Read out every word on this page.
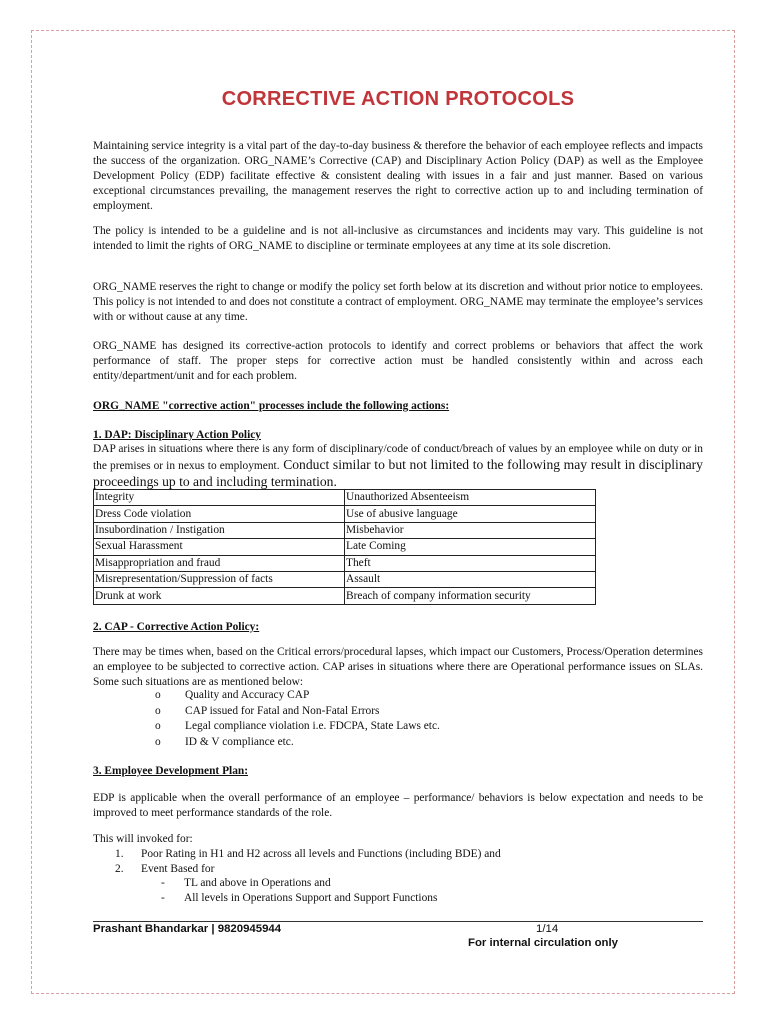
CORRECTIVE ACTION PROTOCOLS

Maintaining service integrity is a vital part of the day-to-day business & therefore the behavior of each employee reflects and impacts the success of the organization. ORG_NAME’s Corrective (CAP) and Disciplinary Action Policy (DAP) as well as the Employee Development Policy (EDP) facilitate effective & consistent dealing with issues in a fair and just manner. Based on various exceptional circumstances prevailing, the management reserves the right to corrective action up to and including termination of employment.

The policy is intended to be a guideline and is not all-inclusive as circumstances and incidents may vary. This guideline is not intended to limit the rights of ORG_NAME to discipline or terminate employees at any time at its sole discretion.

ORG_NAME reserves the right to change or modify the policy set forth below at its discretion and without prior notice to employees. This policy is not intended to and does not constitute a contract of employment. ORG_NAME may terminate the employee’s services with or without cause at any time.

ORG_NAME has designed its corrective-action protocols to identify and correct problems or behaviors that affect the work performance of staff. The proper steps for corrective action must be handled consistently within and across each entity/department/unit and for each problem.

ORG_NAME "corrective action" processes include the following actions:

1. DAP: Disciplinary Action Policy

DAP arises in situations where there is any form of disciplinary/code of conduct/breach of values by an employee while on duty or in the premises or in nexus to employment. Conduct similar to but not limited to the following may result in disciplinary proceedings up to and including termination.

Integrity	Unauthorized Absenteeism
Dress Code violation	Use of abusive language
Insubordination / Instigation	Misbehavior
Sexual Harassment	Late Coming
Misappropriation and fraud	Theft
Misrepresentation/Suppression of facts	Assault
Drunk at work	Breach of company information security

2. CAP - Corrective Action Policy:

There may be times when, based on the Critical errors/procedural lapses, which impact our Customers, Process/Operation determines an employee to be subjected to corrective action. CAP arises in situations where there are Operational performance issues on SLAs. Some such situations are as mentioned below:

o Quality and Accuracy CAP
o CAP issued for Fatal and Non-Fatal Errors
o Legal compliance violation i.e. FDCPA, State Laws etc.
o ID & V compliance etc.

3. Employee Development Plan:

EDP is applicable when the overall performance of an employee – performance/ behaviors is below expectation and needs to be improved to meet performance standards of the role.

This will invoked for:

1. Poor Rating in H1 and H2 across all levels and Functions (including BDE) and
2. Event Based for
- TL and above in Operations and
- All levels in Operations Support and Support Functions
Prashant Bhandarkar | 9820945944	1/14
For internal circulation only
